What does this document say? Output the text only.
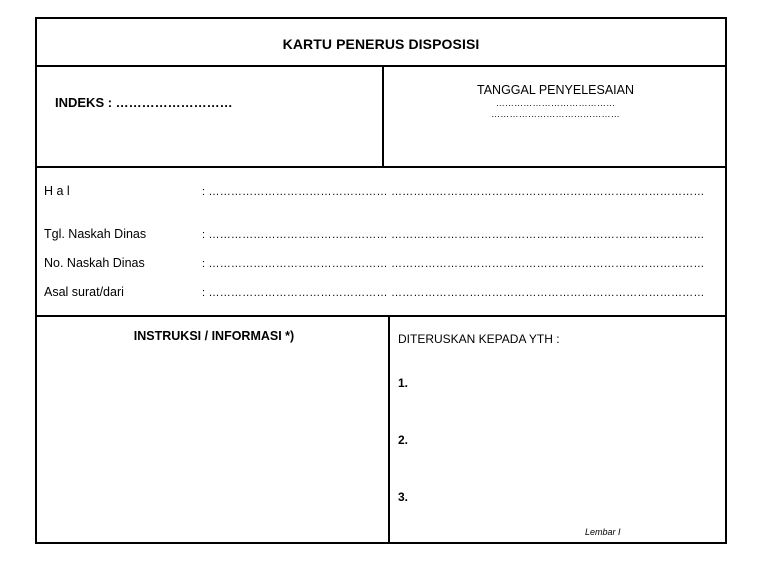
KARTU PENERUS DISPOSISI
INDEKS : ………………………
TANGGAL PENYELESAIAN
…………………………………
……………………………………
H a l	: ………………………………………… …………………………………………………………………………
Tgl. Naskah Dinas	: ………………………………………… …………………………………………………………………………
No. Naskah Dinas	: ………………………………………… …………………………………………………………………………
Asal surat/dari	: ………………………………………… …………………………………………………………………………
INSTRUKSI / INFORMASI *)	DITERUSKAN KEPADA YTH :
1.
2.
3.
Lembar I
